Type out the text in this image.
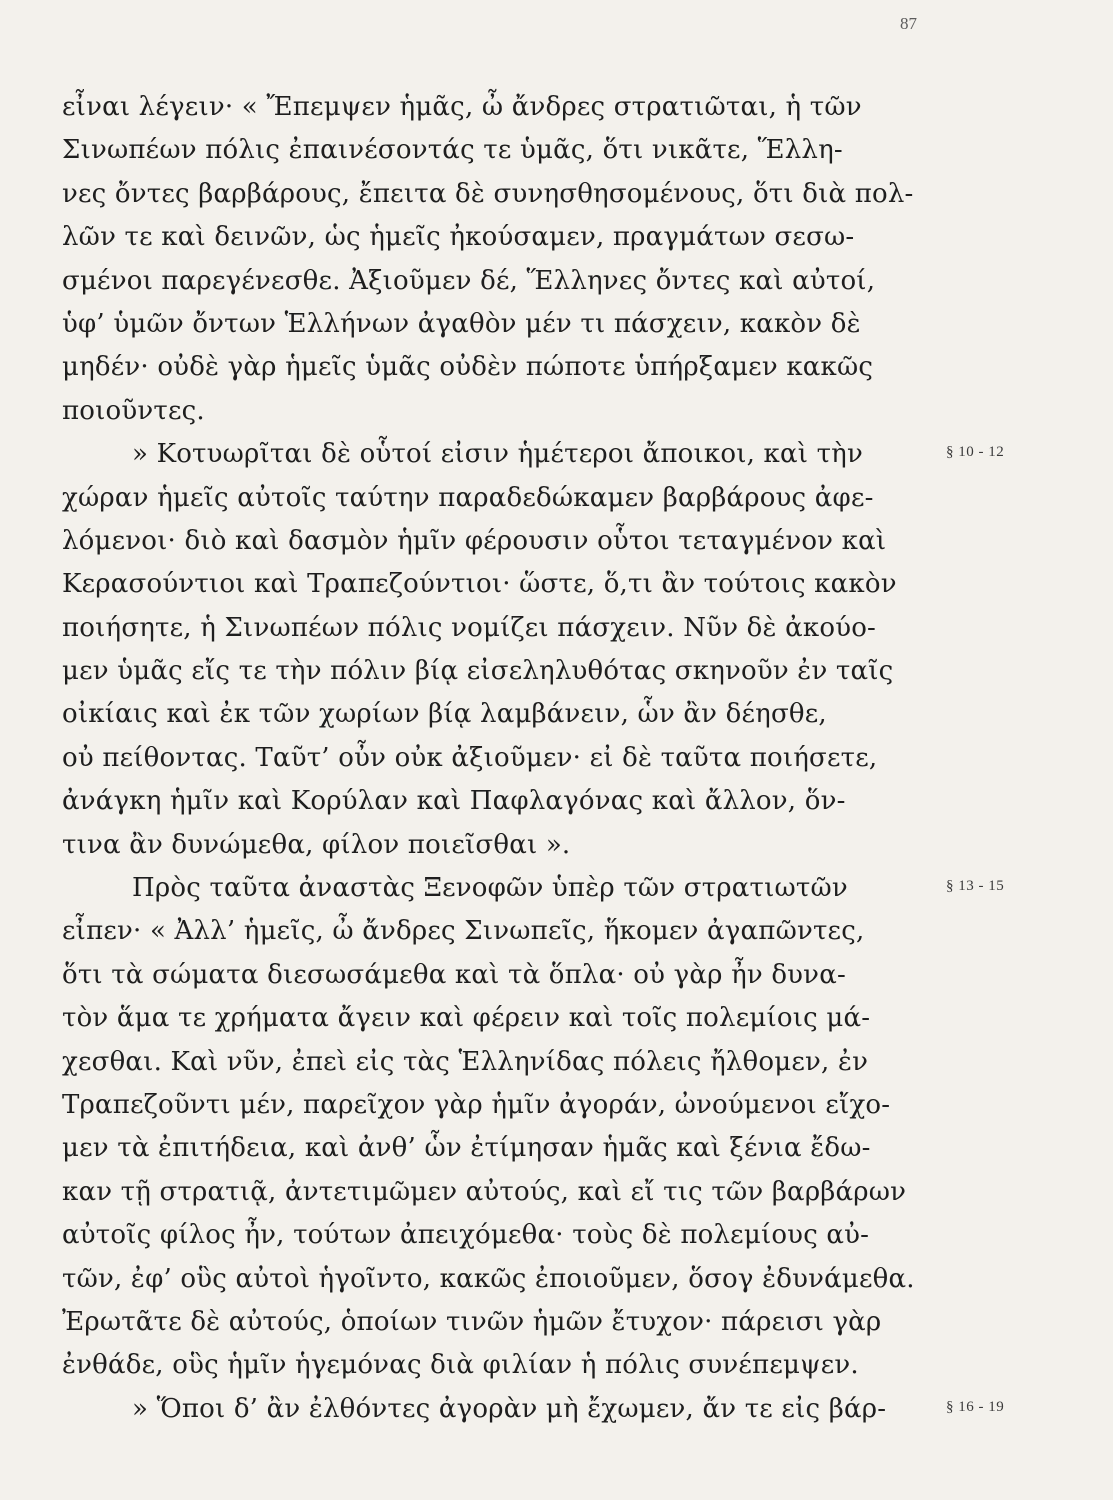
87
εἶναι λέγειν· « Ἔπεμψεν ἡμᾶς, ὦ ἄνδρες στρατιῶται, ἡ τῶν
Σινωπέων πόλις ἐπαινέσοντάς τε ὑμᾶς, ὅτι νικᾶτε, Ἕλλη-
νες ὄντες βαρβάρους, ἔπειτα δὲ συνησθησομένους, ὅτι διὰ πολ-
λῶν τε καὶ δεινῶν, ὡς ἡμεῖς ἠκούσαμεν, πραγμάτων σεσω-
σμένοι παρεγένεσθε. Ἀξιοῦμεν δέ, Ἕλληνες ὄντες καὶ αὐτοί,
ὑφ’ ὑμῶν ὄντων Ἑλλήνων ἀγαθὸν μέν τι πάσχειν, κακὸν δὲ
μηδέν· οὐδὲ γὰρ ἡμεῖς ὑμᾶς οὐδὲν πώποτε ὑπήρξαμεν κακῶς
ποιοῦντες.
» Κοτυωρῖται δὲ οὗτοί εἰσιν ἡμέτεροι ἄποικοι, καὶ τὴν
χώραν ἡμεῖς αὐτοῖς ταύτην παραδεδώκαμεν βαρβάρους ἀφε-
λόμενοι· διὸ καὶ δασμὸν ἡμῖν φέρουσιν οὗτοι τεταγμένον καὶ
Κερασούντιοι καὶ Τραπεζούντιοι· ὥστε, ὅ,τι ἂν τούτοις κακὸν
ποιήσητε, ἡ Σινωπέων πόλις νομίζει πάσχειν. Νῦν δὲ ἀκούο-
μεν ὑμᾶς εἴς τε τὴν πόλιν βίᾳ εἰσεληλυθότας σκηνοῦν ἐν ταῖς
οἰκίαις καὶ ἐκ τῶν χωρίων βίᾳ λαμβάνειν, ὧν ἂν δέησθε,
οὐ πείθοντας. Ταῦτ’ οὖν οὐκ ἀξιοῦμεν· εἰ δὲ ταῦτα ποιήσετε,
ἀνάγκη ἡμῖν καὶ Κορύλαν καὶ Παφλαγόνας καὶ ἄλλον, ὅν-
τινα ἂν δυνώμεθα, φίλον ποιεῖσθαι ».
Πρὸς ταῦτα ἀναστὰς Ξενοφῶν ὑπὲρ τῶν στρατιωτῶν
εἶπεν· « Ἀλλ’ ἡμεῖς, ὦ ἄνδρες Σινωπεῖς, ἥκομεν ἀγαπῶντες,
ὅτι τὰ σώματα διεσωσάμεθα καὶ τὰ ὅπλα· οὐ γὰρ ἦν δυνα-
τὸν ἅμα τε χρήματα ἄγειν καὶ φέρειν καὶ τοῖς πολεμίοις μά-
χεσθαι. Καὶ νῦν, ἐπεὶ εἰς τὰς Ἑλληνίδας πόλεις ἤλθομεν, ἐν
Τραπεζοῦντι μέν, παρεῖχον γὰρ ἡμῖν ἀγοράν, ὠνούμενοι εἴχο-
μεν τὰ ἐπιτήδεια, καὶ ἀνθ’ ὧν ἐτίμησαν ἡμᾶς καὶ ξένια ἔδω-
καν τῇ στρατιᾷ, ἀντετιμῶμεν αὐτούς, καὶ εἴ τις τῶν βαρβάρων
αὐτοῖς φίλος ἦν, τούτων ἀπειχόμεθα· τοὺς δὲ πολεμίους αὐ-
τῶν, ἐφ’ οὓς αὐτοὶ ἡγοῖντο, κακῶς ἐποιοῦμεν, ὅσογ ἐδυνάμεθα.
Ἐρωτᾶτε δὲ αὐτούς, ὁποίων τινῶν ἡμῶν ἔτυχον· πάρεισι γὰρ
ἐνθάδε, οὓς ἡμῖν ἡγεμόνας διὰ φιλίαν ἡ πόλις συνέπεμψεν.
» Ὅποι δ’ ἂν ἐλθόντες ἀγορὰν μὴ ἔχωμεν, ἄν τε εἰς βάρ-
§ 10 - 12
§ 13 - 15
§ 16 - 19
